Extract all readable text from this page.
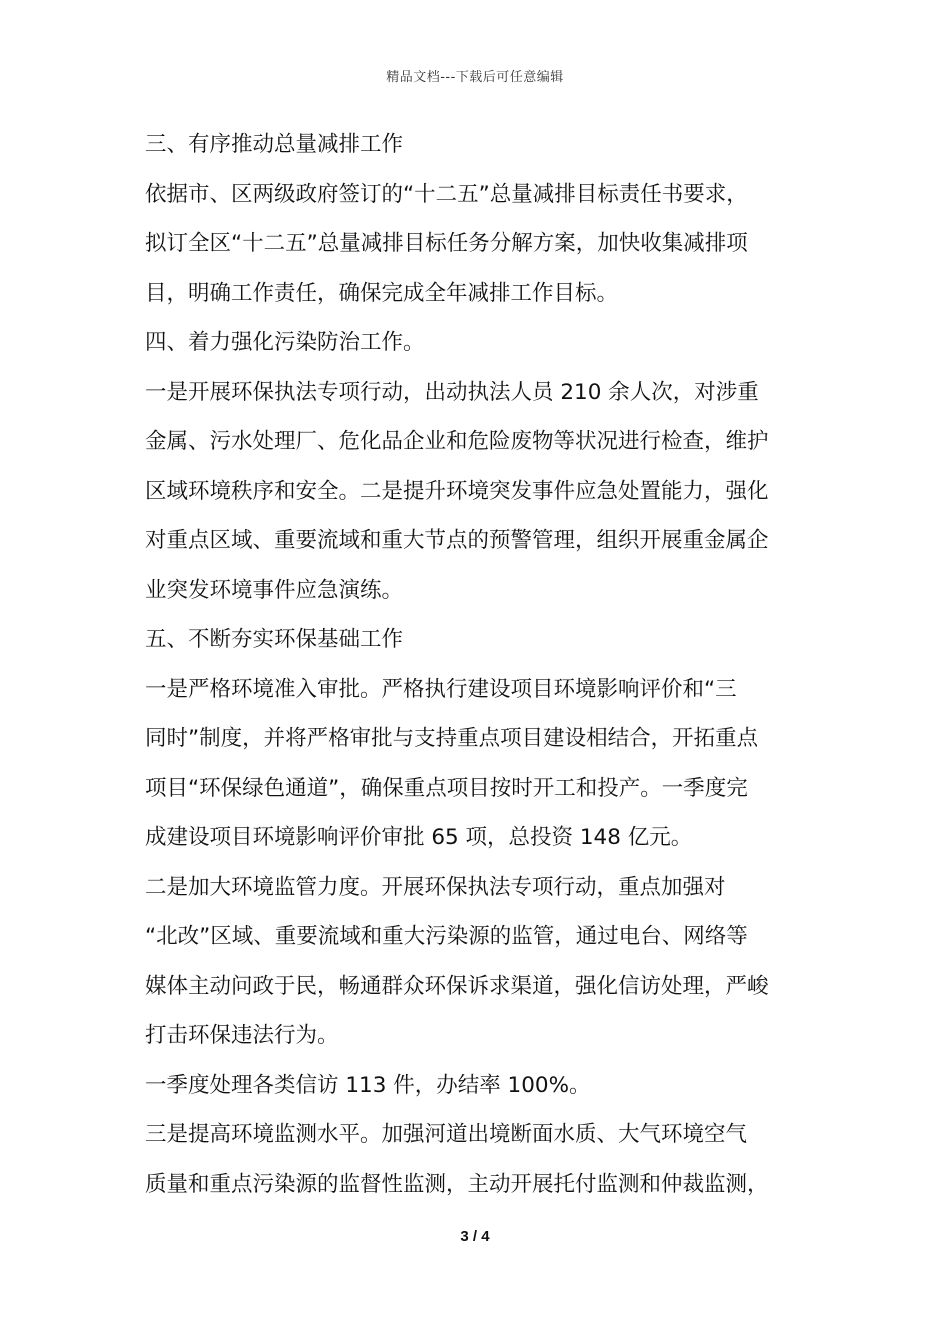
精品文档---下载后可任意编辑

三、有序推动总量减排工作

依据市、区两级政府签订的“十二五”总量减排目标责任书要求，

拟订全区“十二五”总量减排目标任务分解方案，加快收集减排项

目，明确工作责任，确保完成全年减排工作目标。

四、着力强化污染防治工作。

一是开展环保执法专项行动，出动执法人员 210 余人次，对涉重

金属、污水处理厂、危化品企业和危险废物等状况进行检查，维护

区域环境秩序和安全。二是提升环境突发事件应急处置能力，强化

对重点区域、重要流域和重大节点的预警管理，组织开展重金属企

业突发环境事件应急演练。

五、不断夯实环保基础工作

一是严格环境准入审批。严格执行建设项目环境影响评价和“三

同时”制度，并将严格审批与支持重点项目建设相结合，开拓重点

项目“环保绿色通道”，确保重点项目按时开工和投产。一季度完

成建设项目环境影响评价审批 65 项，总投资 148 亿元。

二是加大环境监管力度。开展环保执法专项行动，重点加强对

“北改”区域、重要流域和重大污染源的监管，通过电台、网络等

媒体主动问政于民，畅通群众环保诉求渠道，强化信访处理，严峻

打击环保违法行为。

一季度处理各类信访 113 件，办结率 100%。

三是提高环境监测水平。加强河道出境断面水质、大气环境空气

质量和重点污染源的监督性监测，主动开展托付监测和仲裁监测，

3 / 4
